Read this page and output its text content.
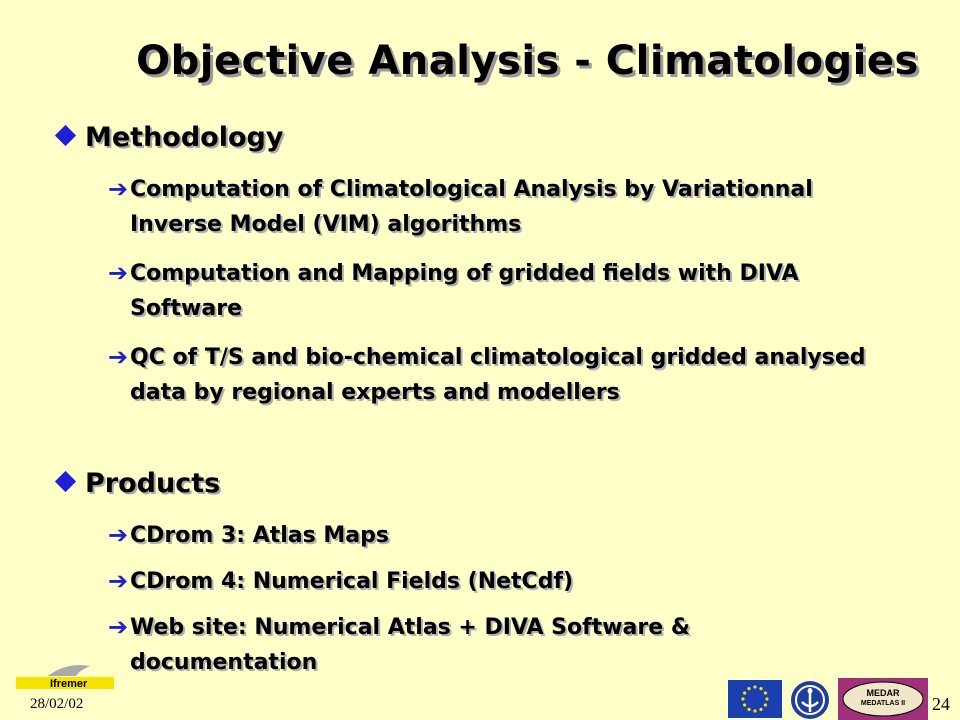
Objective Analysis - Climatologies
Methodology
➔ Computation of Climatological Analysis by Variationnal Inverse Model (VIM) algorithms
➔ Computation and Mapping of gridded fields with DIVA Software
➔ QC of T/S and bio-chemical climatological gridded analysed data by regional experts and modellers
Products
➔ CDrom 3: Atlas Maps
➔ CDrom 4: Numerical Fields (NetCdf)
➔ Web site: Numerical Atlas + DIVA Software & documentation
Ifremer
28/02/02
MEDAR
MEDATLAS II	24
